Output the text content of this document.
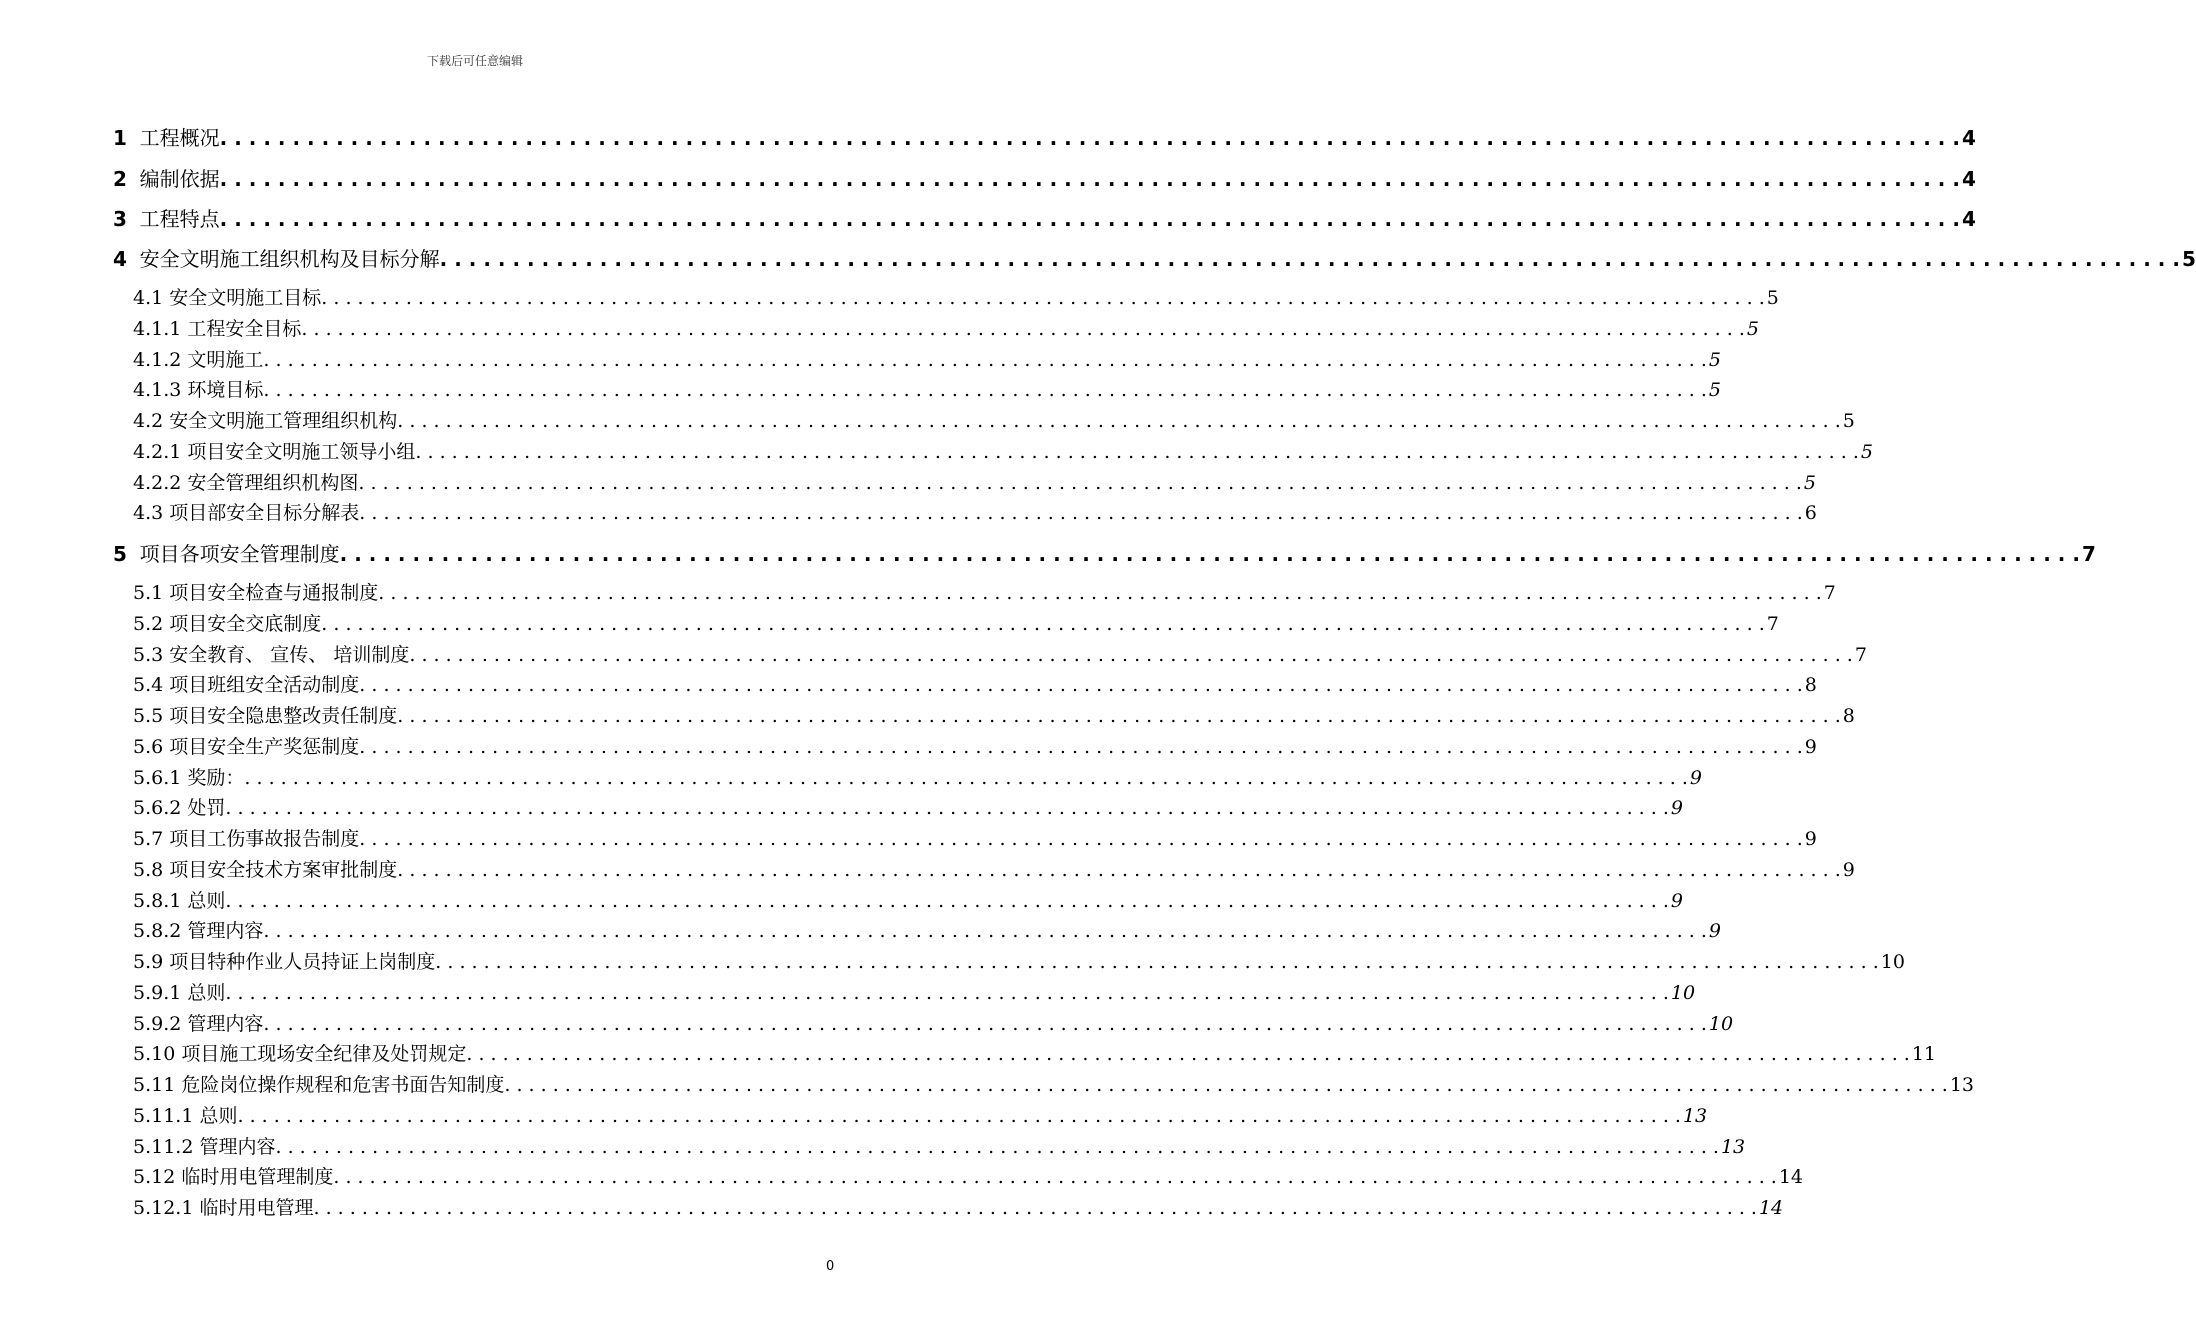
下载后可任意编辑
1 工程概况 . . . . . . . . . . . . . . . . . . . . . . . . . . . . . . . . . . . . . . . . . . . . . . . . . . . . . . . . . . . . . . . . . . . . . . . . . . . . . . . . . . . . . . . . . . . . . . . . . . . . . . . . . . . . . . . . . . . . . . . . 4
2 编制依据 . . . . . . . . . . . . . . . . . . . . . . . . . . . . . . . . . . . . . . . . . . . . . . . . . . . . . . . . . . . . . . . . . . . . . . . . . . . . . . . . . . . . . . . . . . . . . . . . . . . . . . . . . . . . . . . . . . . . . . . . 4
3 工程特点 . . . . . . . . . . . . . . . . . . . . . . . . . . . . . . . . . . . . . . . . . . . . . . . . . . . . . . . . . . . . . . . . . . . . . . . . . . . . . . . . . . . . . . . . . . . . . . . . . . . . . . . . . . . . . . . . . . . . . . . . 4
4 安全文明施工组织机构及目标分解 . . . . . . . . . . . . . . . . . . . . . . . . . . . . . . . . . . . . . . . . . . . . . . . . . . . . . . . . . . . . . . . . . . . . . . . . . . . . . . . . . . . . . . . . . . . . . . . . . . . . . . . . . . . . . . . . . . . . . . . . 5
4.1 安全文明施工目标 . . . . . . . . . . . . . . . . . . . . . . . . . . . . . . . . . . . . . . . . . . . . . . . . . . . . . . . . . . . . . . . . . . . . . . . . . . . . . . . . . . . . . . . . . . . . . . . . . . . . . . . . . . . . . . . . . . . . . . . . 5
4.1.1 工程安全目标 . . . . . . . . . . . . . . . . . . . . . . . . . . . . . . . . . . . . . . . . . . . . . . . . . . . . . . . . . . . . . . . . . . . . . . . . . . . . . . . . . . . . . . . . . . . . . . . . . . . . . . . . . . . . . . . . . . . . . . . . 5
4.1.2 文明施工 . . . . . . . . . . . . . . . . . . . . . . . . . . . . . . . . . . . . . . . . . . . . . . . . . . . . . . . . . . . . . . . . . . . . . . . . . . . . . . . . . . . . . . . . . . . . . . . . . . . . . . . . . . . . . . . . . . . . . . . . 5
4.1.3 环境目标 . . . . . . . . . . . . . . . . . . . . . . . . . . . . . . . . . . . . . . . . . . . . . . . . . . . . . . . . . . . . . . . . . . . . . . . . . . . . . . . . . . . . . . . . . . . . . . . . . . . . . . . . . . . . . . . . . . . . . . . . 5
4.2 安全文明施工管理组织机构 . . . . . . . . . . . . . . . . . . . . . . . . . . . . . . . . . . . . . . . . . . . . . . . . . . . . . . . . . . . . . . . . . . . . . . . . . . . . . . . . . . . . . . . . . . . . . . . . . . . . . . . . . . . . . . . . . . . . . . . . 5
4.2.1 项目安全文明施工领导小组 . . . . . . . . . . . . . . . . . . . . . . . . . . . . . . . . . . . . . . . . . . . . . . . . . . . . . . . . . . . . . . . . . . . . . . . . . . . . . . . . . . . . . . . . . . . . . . . . . . . . . . . . . . . . . . . . . . . . . . . . 5
4.2.2 安全管理组织机构图 . . . . . . . . . . . . . . . . . . . . . . . . . . . . . . . . . . . . . . . . . . . . . . . . . . . . . . . . . . . . . . . . . . . . . . . . . . . . . . . . . . . . . . . . . . . . . . . . . . . . . . . . . . . . . . . . . . . . . . . . 5
4.3 项目部安全目标分解表 . . . . . . . . . . . . . . . . . . . . . . . . . . . . . . . . . . . . . . . . . . . . . . . . . . . . . . . . . . . . . . . . . . . . . . . . . . . . . . . . . . . . . . . . . . . . . . . . . . . . . . . . . . . . . . . . . . . . . . . . 6
5 项目各项安全管理制度 . . . . . . . . . . . . . . . . . . . . . . . . . . . . . . . . . . . . . . . . . . . . . . . . . . . . . . . . . . . . . . . . . . . . . . . . . . . . . . . . . . . . . . . . . . . . . . . . . . . . . . . . . . . . . . . . . . . . . . . . 7
5.1 项目安全检查与通报制度 . . . . . . . . . . . . . . . . . . . . . . . . . . . . . . . . . . . . . . . . . . . . . . . . . . . . . . . . . . . . . . . . . . . . . . . . . . . . . . . . . . . . . . . . . . . . . . . . . . . . . . . . . . . . . . . . . . . . . . . . 7
5.2 项目安全交底制度 . . . . . . . . . . . . . . . . . . . . . . . . . . . . . . . . . . . . . . . . . . . . . . . . . . . . . . . . . . . . . . . . . . . . . . . . . . . . . . . . . . . . . . . . . . . . . . . . . . . . . . . . . . . . . . . . . . . . . . . . 7
5.3 安全教育、 宣传、 培训制度 . . . . . . . . . . . . . . . . . . . . . . . . . . . . . . . . . . . . . . . . . . . . . . . . . . . . . . . . . . . . . . . . . . . . . . . . . . . . . . . . . . . . . . . . . . . . . . . . . . . . . . . . . . . . . . . . . . . . . . . . 7
5.4 项目班组安全活动制度 . . . . . . . . . . . . . . . . . . . . . . . . . . . . . . . . . . . . . . . . . . . . . . . . . . . . . . . . . . . . . . . . . . . . . . . . . . . . . . . . . . . . . . . . . . . . . . . . . . . . . . . . . . . . . . . . . . . . . . . . 8
5.5 项目安全隐患整改责任制度 . . . . . . . . . . . . . . . . . . . . . . . . . . . . . . . . . . . . . . . . . . . . . . . . . . . . . . . . . . . . . . . . . . . . . . . . . . . . . . . . . . . . . . . . . . . . . . . . . . . . . . . . . . . . . . . . . . . . . . . . 8
5.6 项目安全生产奖惩制度 . . . . . . . . . . . . . . . . . . . . . . . . . . . . . . . . . . . . . . . . . . . . . . . . . . . . . . . . . . . . . . . . . . . . . . . . . . . . . . . . . . . . . . . . . . . . . . . . . . . . . . . . . . . . . . . . . . . . . . . . 9
5.6.1 奖励： . . . . . . . . . . . . . . . . . . . . . . . . . . . . . . . . . . . . . . . . . . . . . . . . . . . . . . . . . . . . . . . . . . . . . . . . . . . . . . . . . . . . . . . . . . . . . . . . . . . . . . . . . . . . . . . . . . . . . . . . 9
5.6.2 处罚 . . . . . . . . . . . . . . . . . . . . . . . . . . . . . . . . . . . . . . . . . . . . . . . . . . . . . . . . . . . . . . . . . . . . . . . . . . . . . . . . . . . . . . . . . . . . . . . . . . . . . . . . . . . . . . . . . . . . . . . . 9
5.7 项目工伤事故报告制度 . . . . . . . . . . . . . . . . . . . . . . . . . . . . . . . . . . . . . . . . . . . . . . . . . . . . . . . . . . . . . . . . . . . . . . . . . . . . . . . . . . . . . . . . . . . . . . . . . . . . . . . . . . . . . . . . . . . . . . . . 9
5.8 项目安全技术方案审批制度 . . . . . . . . . . . . . . . . . . . . . . . . . . . . . . . . . . . . . . . . . . . . . . . . . . . . . . . . . . . . . . . . . . . . . . . . . . . . . . . . . . . . . . . . . . . . . . . . . . . . . . . . . . . . . . . . . . . . . . . . 9
5.8.1 总则 . . . . . . . . . . . . . . . . . . . . . . . . . . . . . . . . . . . . . . . . . . . . . . . . . . . . . . . . . . . . . . . . . . . . . . . . . . . . . . . . . . . . . . . . . . . . . . . . . . . . . . . . . . . . . . . . . . . . . . . . 9
5.8.2 管理内容 . . . . . . . . . . . . . . . . . . . . . . . . . . . . . . . . . . . . . . . . . . . . . . . . . . . . . . . . . . . . . . . . . . . . . . . . . . . . . . . . . . . . . . . . . . . . . . . . . . . . . . . . . . . . . . . . . . . . . . . . 9
5.9 项目特种作业人员持证上岗制度 . . . . . . . . . . . . . . . . . . . . . . . . . . . . . . . . . . . . . . . . . . . . . . . . . . . . . . . . . . . . . . . . . . . . . . . . . . . . . . . . . . . . . . . . . . . . . . . . . . . . . . . . . . . . . . . . . . . . . . . . 10
5.9.1 总则 . . . . . . . . . . . . . . . . . . . . . . . . . . . . . . . . . . . . . . . . . . . . . . . . . . . . . . . . . . . . . . . . . . . . . . . . . . . . . . . . . . . . . . . . . . . . . . . . . . . . . . . . . . . . . . . . . . . . . . . . 10
5.9.2 管理内容 . . . . . . . . . . . . . . . . . . . . . . . . . . . . . . . . . . . . . . . . . . . . . . . . . . . . . . . . . . . . . . . . . . . . . . . . . . . . . . . . . . . . . . . . . . . . . . . . . . . . . . . . . . . . . . . . . . . . . . . . 10
5.10 项目施工现场安全纪律及处罚规定 . . . . . . . . . . . . . . . . . . . . . . . . . . . . . . . . . . . . . . . . . . . . . . . . . . . . . . . . . . . . . . . . . . . . . . . . . . . . . . . . . . . . . . . . . . . . . . . . . . . . . . . . . . . . . . . . . . . . . . . . 11
5.11 危险岗位操作规程和危害书面告知制度 . . . . . . . . . . . . . . . . . . . . . . . . . . . . . . . . . . . . . . . . . . . . . . . . . . . . . . . . . . . . . . . . . . . . . . . . . . . . . . . . . . . . . . . . . . . . . . . . . . . . . . . . . . . . . . . . . . . . . . . . 13
5.11.1 总则 . . . . . . . . . . . . . . . . . . . . . . . . . . . . . . . . . . . . . . . . . . . . . . . . . . . . . . . . . . . . . . . . . . . . . . . . . . . . . . . . . . . . . . . . . . . . . . . . . . . . . . . . . . . . . . . . . . . . . . . . 13
5.11.2 管理内容 . . . . . . . . . . . . . . . . . . . . . . . . . . . . . . . . . . . . . . . . . . . . . . . . . . . . . . . . . . . . . . . . . . . . . . . . . . . . . . . . . . . . . . . . . . . . . . . . . . . . . . . . . . . . . . . . . . . . . . . . 13
5.12 临时用电管理制度 . . . . . . . . . . . . . . . . . . . . . . . . . . . . . . . . . . . . . . . . . . . . . . . . . . . . . . . . . . . . . . . . . . . . . . . . . . . . . . . . . . . . . . . . . . . . . . . . . . . . . . . . . . . . . . . . . . . . . . . . 14
5.12.1 临时用电管理 . . . . . . . . . . . . . . . . . . . . . . . . . . . . . . . . . . . . . . . . . . . . . . . . . . . . . . . . . . . . . . . . . . . . . . . . . . . . . . . . . . . . . . . . . . . . . . . . . . . . . . . . . . . . . . . . . . . . . . . . 14
0
